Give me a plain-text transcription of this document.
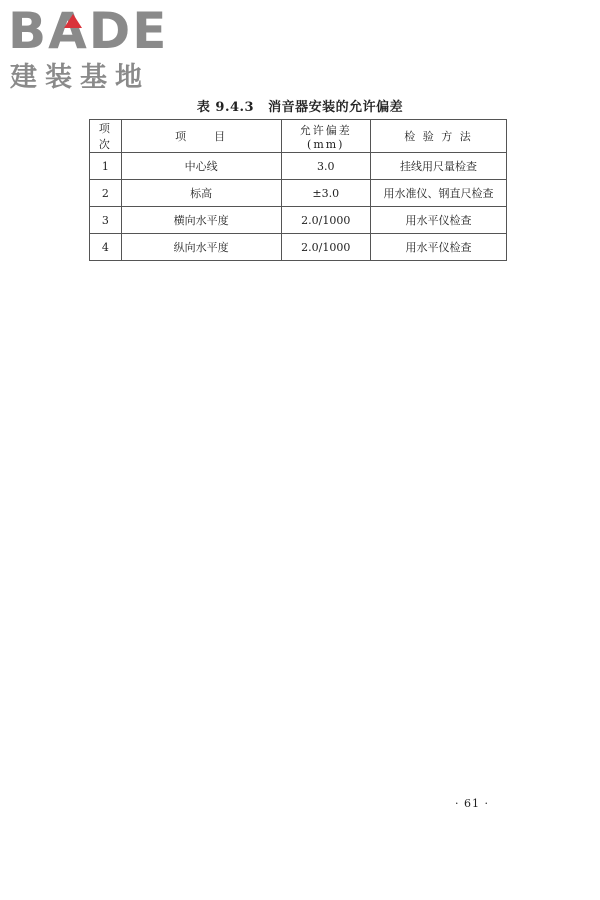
BADE
建装基地
表 9.4.3 消音器安装的允许偏差
项 次	项　　目	允许偏差(mm)	检 验 方 法
1	中心线	3.0	挂线用尺量检查
2	标高	±3.0	用水准仪、钢直尺检查
3	横向水平度	2.0/1000	用水平仪检查
4	纵向水平度	2.0/1000	用水平仪检查
· 61 ·
